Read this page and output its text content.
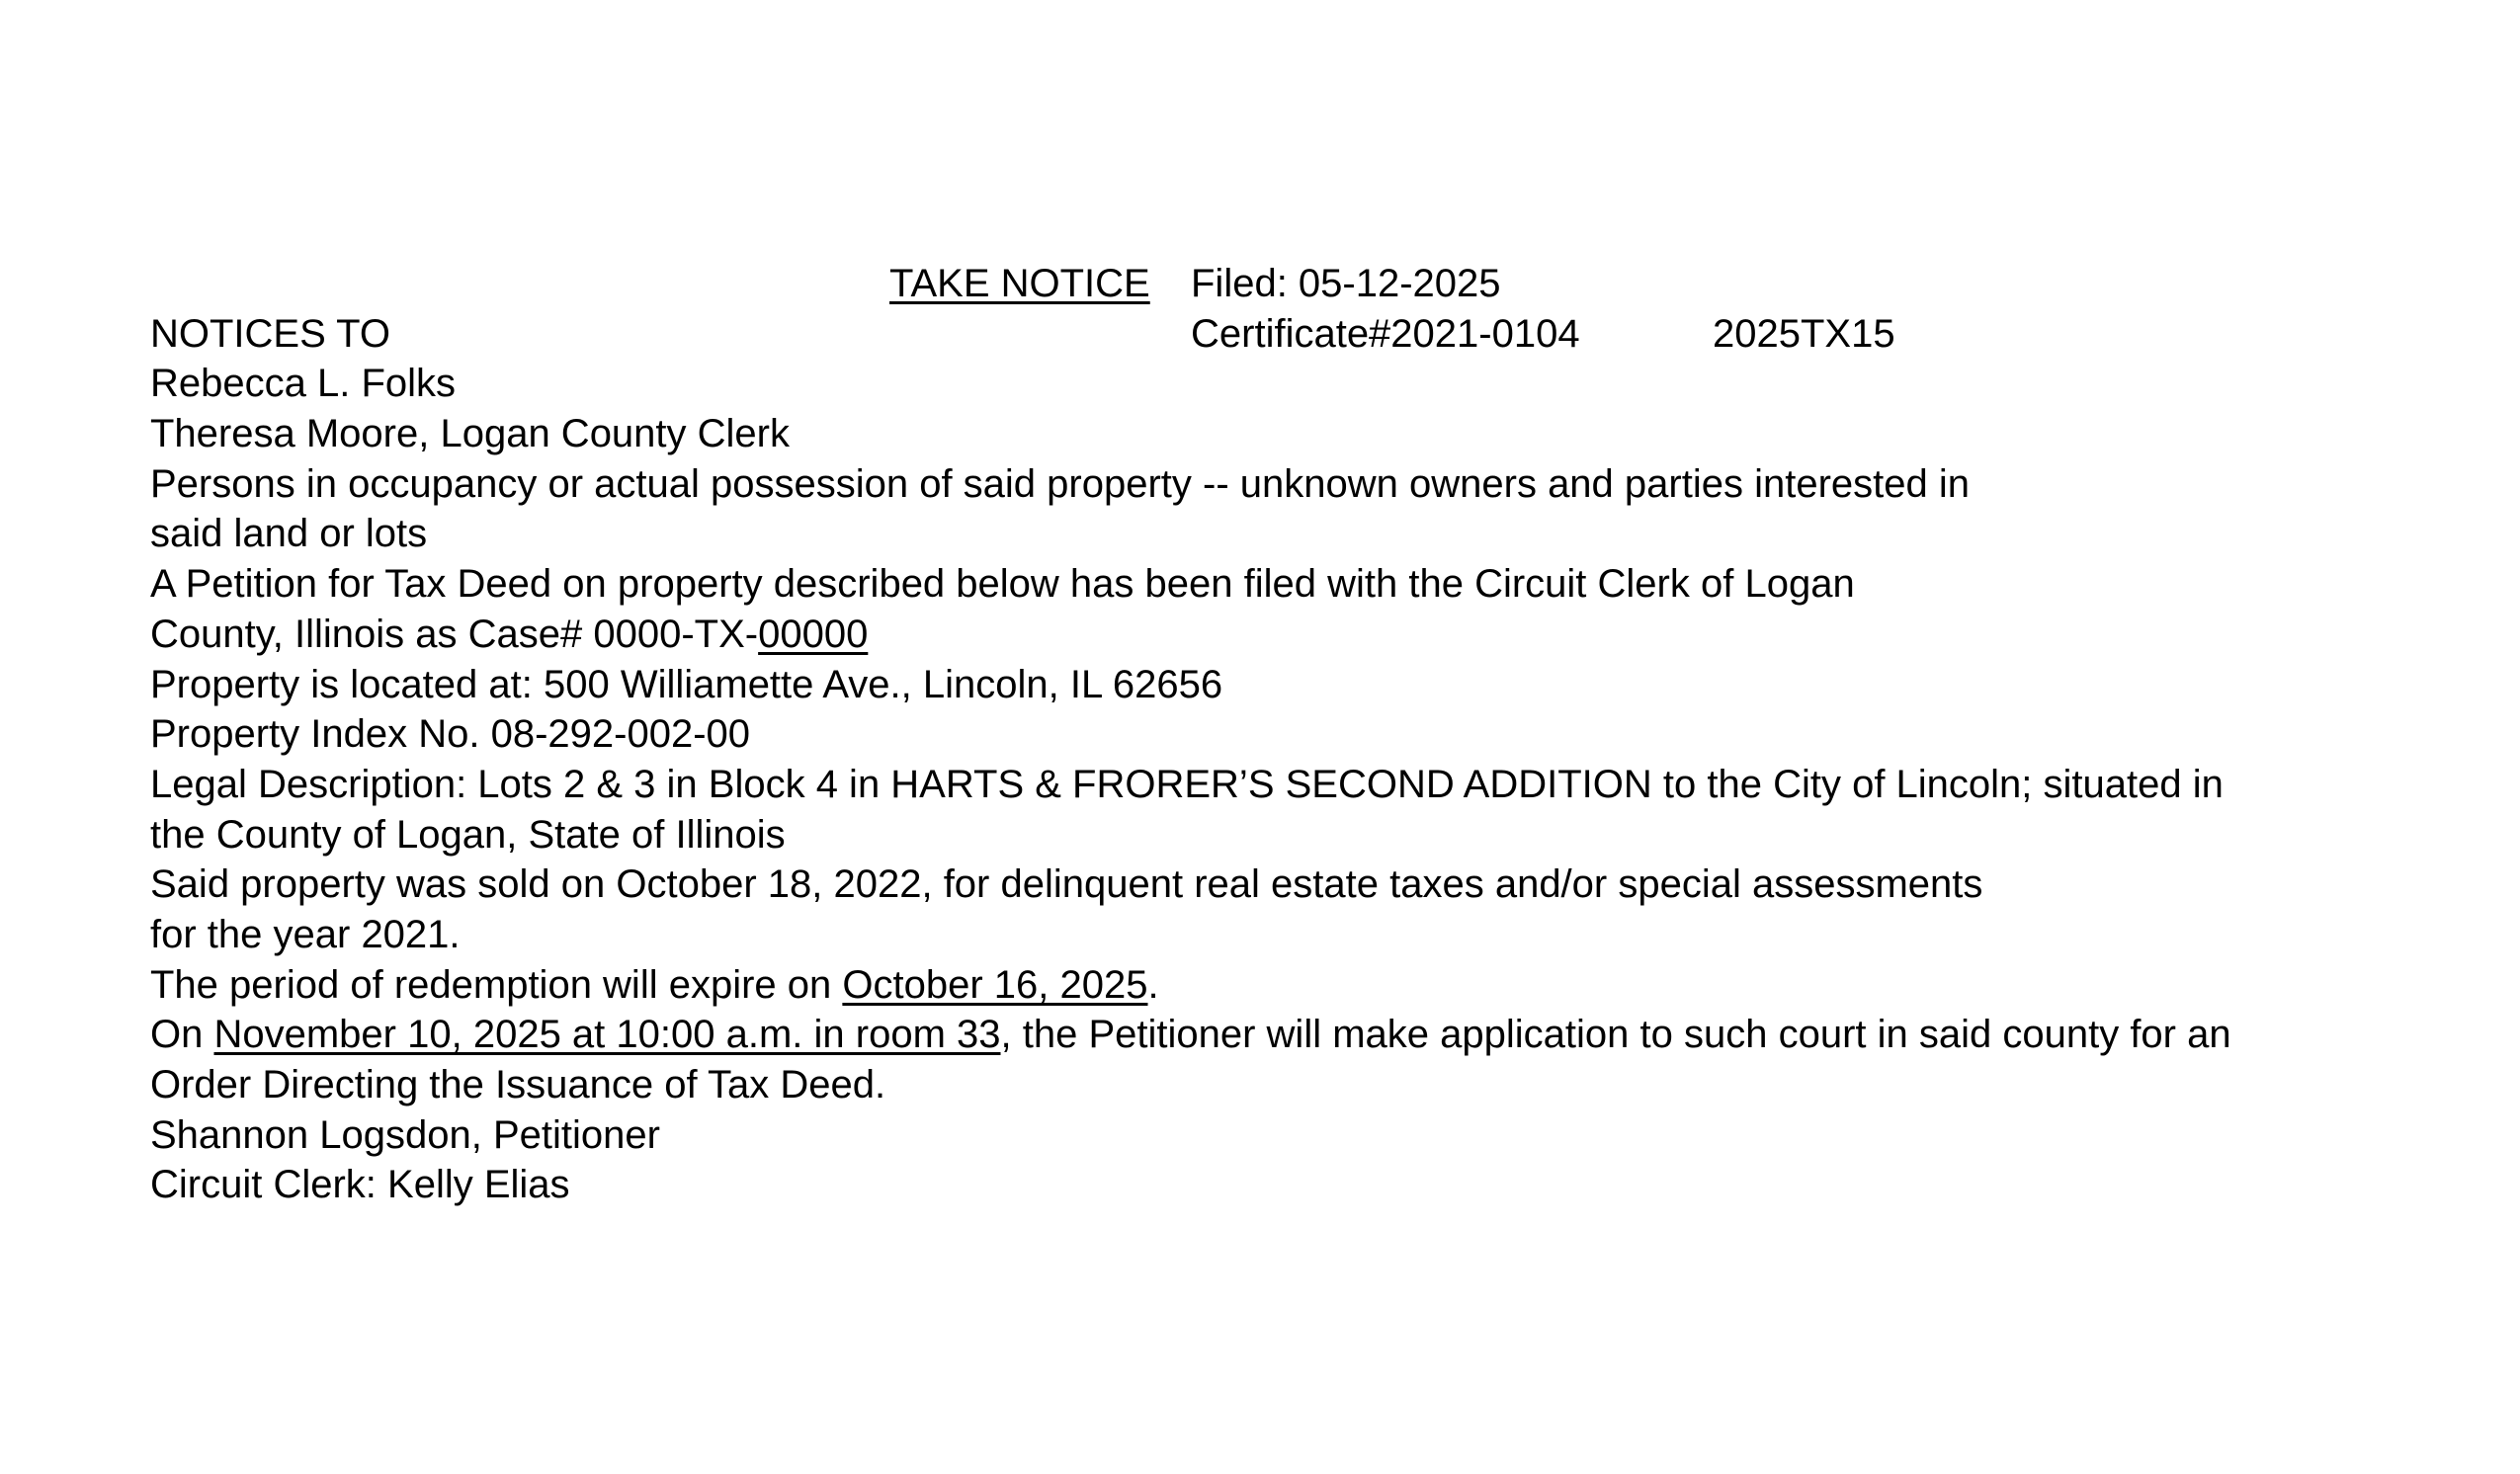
TAKE NOTICE Filed: 05-12-2025
NOTICES TO	Certificate#2021-0104	2025TX15
Rebecca L. Folks
Theresa Moore, Logan County Clerk
Persons in occupancy or actual possession of said property -- unknown owners and parties interested in
said land or lots
A Petition for Tax Deed on property described below has been filed with the Circuit Clerk of Logan
County, Illinois as Case# 0000-TX-00000
Property is located at: 500 Williamette Ave., Lincoln, IL 62656
Property Index No. 08-292-002-00
Legal Description: Lots 2 & 3 in Block 4 in HARTS & FRORER’S SECOND ADDITION to the City of Lincoln; situated in
the County of Logan, State of Illinois
Said property was sold on October 18, 2022, for delinquent real estate taxes and/or special assessments
for the year 2021.
The period of redemption will expire on October 16, 2025.
On November 10, 2025 at 10:00 a.m. in room 33, the Petitioner will make application to such court in said county for an
Order Directing the Issuance of Tax Deed.
Shannon Logsdon, Petitioner
Circuit Clerk: Kelly Elias
